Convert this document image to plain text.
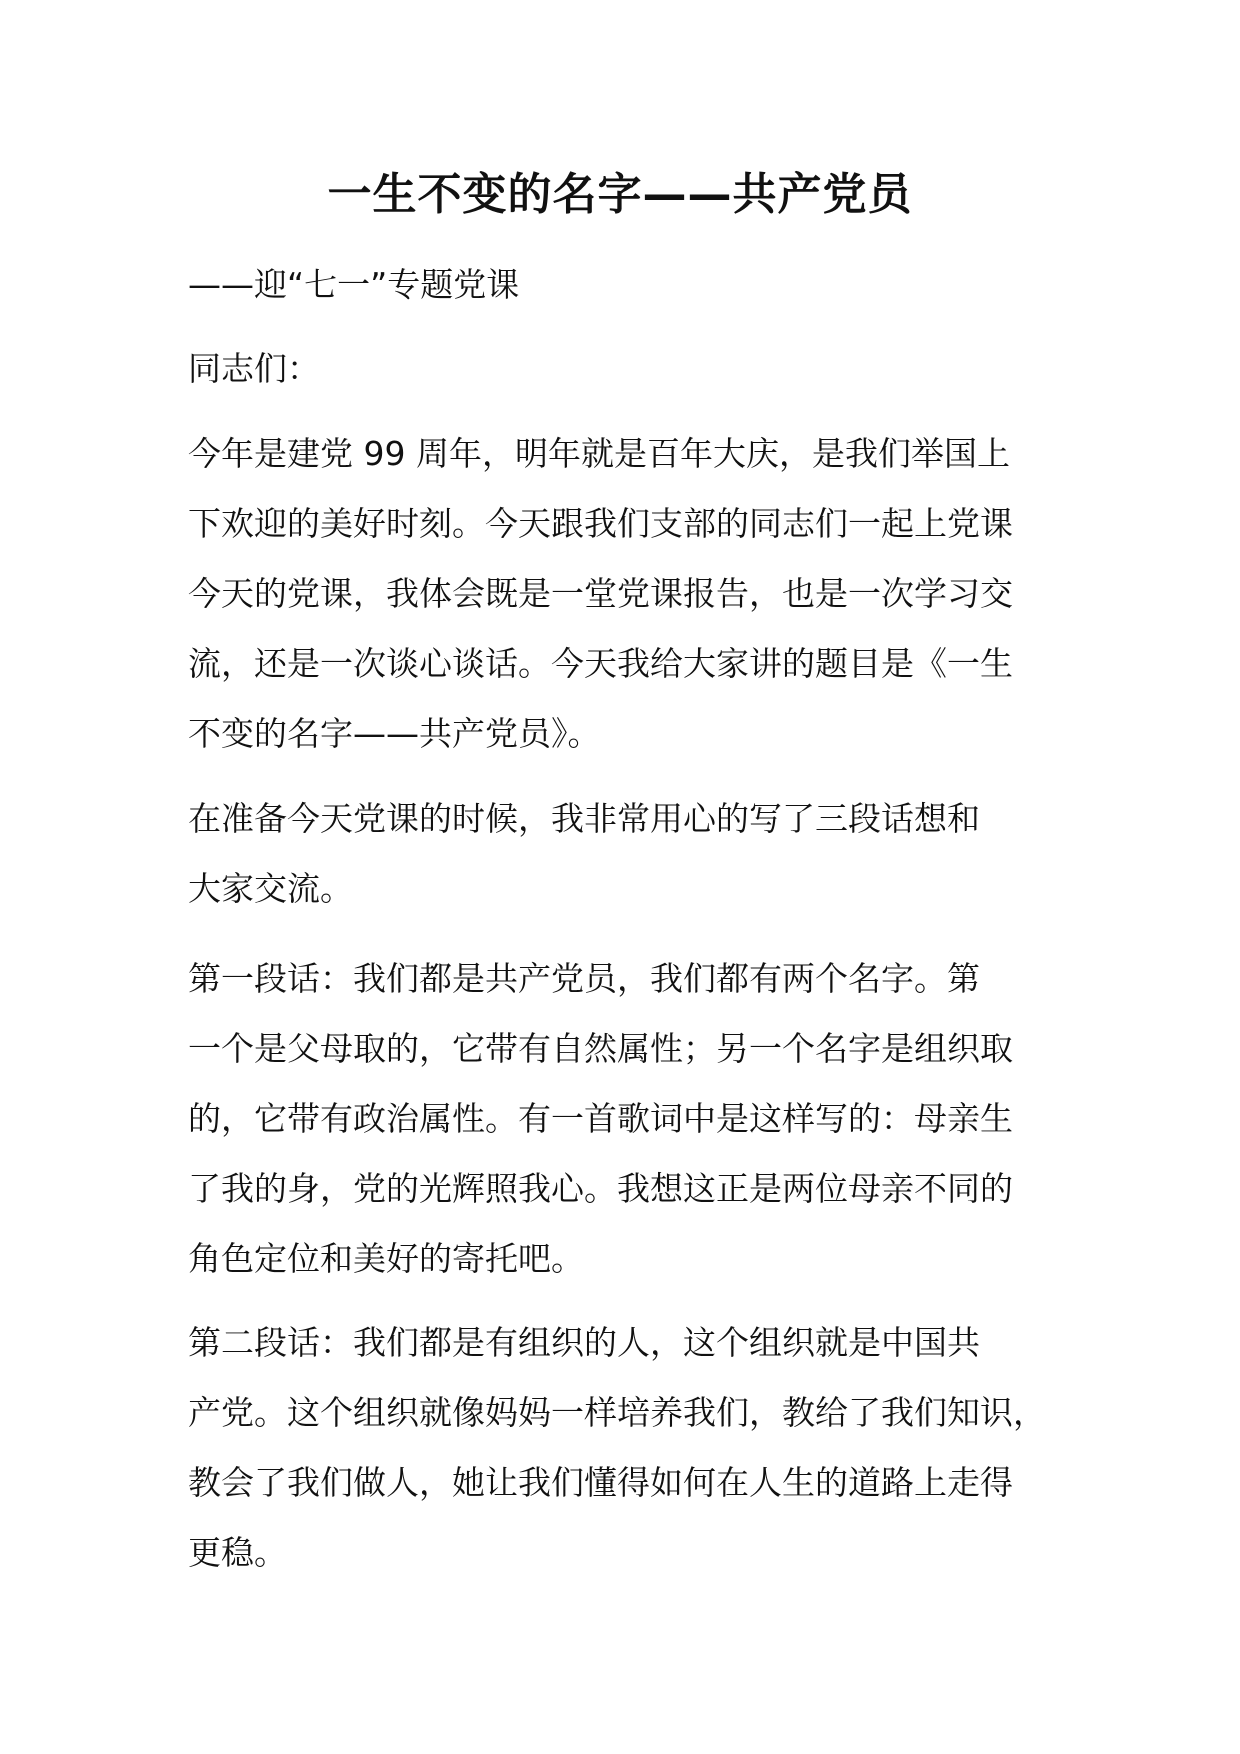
一生不变的名字——共产党员
——迎“七一”专题党课
同志们：
今年是建党 99 周年，明年就是百年大庆，是我们举国上
下欢迎的美好时刻。今天跟我们支部的同志们一起上党课
今天的党课，我体会既是一堂党课报告，也是一次学习交
流，还是一次谈心谈话。今天我给大家讲的题目是《一生
不变的名字——共产党员》。
在准备今天党课的时候，我非常用心的写了三段话想和
大家交流。
第一段话：我们都是共产党员，我们都有两个名字。第
一个是父母取的，它带有自然属性；另一个名字是组织取
的，它带有政治属性。有一首歌词中是这样写的：母亲生
了我的身，党的光辉照我心。我想这正是两位母亲不同的
角色定位和美好的寄托吧。
第二段话：我们都是有组织的人，这个组织就是中国共
产党。这个组织就像妈妈一样培养我们，教给了我们知识，
教会了我们做人，她让我们懂得如何在人生的道路上走得
更稳。
